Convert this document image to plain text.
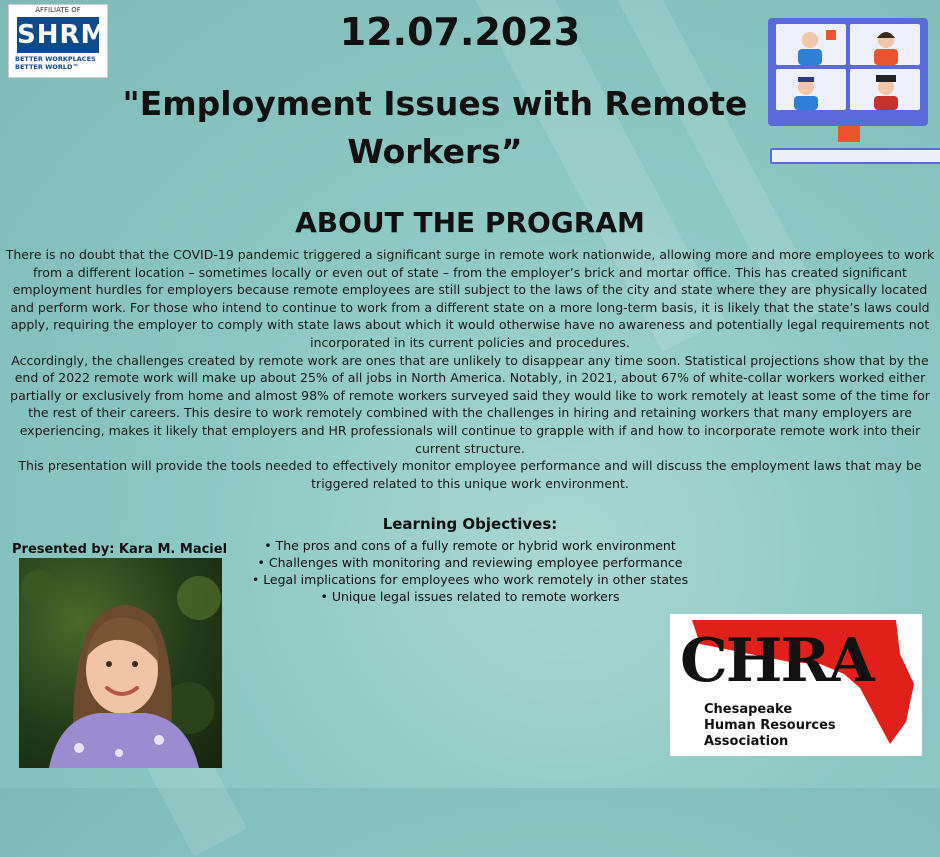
AFFILIATE OF
SHRM
BETTER WORKPLACES
BETTER WORLD™
12.07.2023
"Employment Issues with Remote
Workers”
ABOUT THE PROGRAM

There is no doubt that the COVID-19 pandemic triggered a significant surge in remote work nationwide, allowing more and more employees to work from a different location – sometimes locally or even out of state – from the employer’s brick and mortar office. This has created significant employment hurdles for employers because remote employees are still subject to the laws of the city and state where they are physically located and perform work. For those who intend to continue to work from a different state on a more long-term basis, it is likely that the state’s laws could apply, requiring the employer to comply with state laws about which it would otherwise have no awareness and potentially legal requirements not incorporated in its current policies and procedures.

Accordingly, the challenges created by remote work are ones that are unlikely to disappear any time soon. Statistical projections show that by the end of 2022 remote work will make up about 25% of all jobs in North America. Notably, in 2021, about 67% of white-collar workers worked either partially or exclusively from home and almost 98% of remote workers surveyed said they would like to work remotely at least some of the time for the rest of their careers. This desire to work remotely combined with the challenges in hiring and retaining workers that many employers are experiencing, makes it likely that employers and HR professionals will continue to grapple with if and how to incorporate remote work into their current structure.

This presentation will provide the tools needed to effectively monitor employee performance and will discuss the employment laws that may be triggered related to this unique work environment.

Learning Objectives:
• The pros and cons of a fully remote or hybrid work environment
• Challenges with monitoring and reviewing employee performance
• Legal implications for employees who work remotely in other states
• Unique legal issues related to remote workers
Presented by: Kara M. Maciel
CHRA
Chesapeake
Human Resources
Association
